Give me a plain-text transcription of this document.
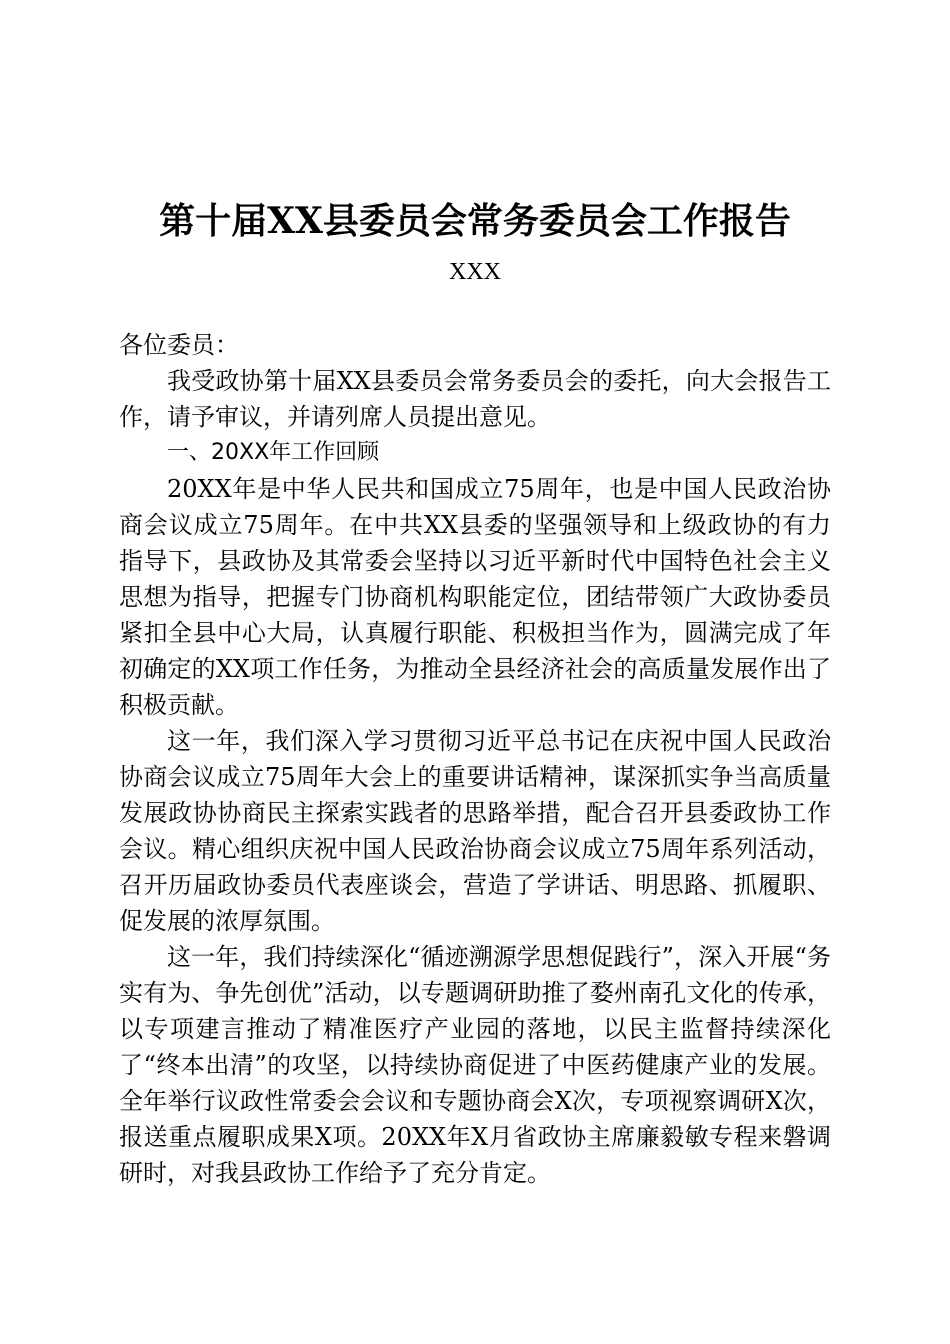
第十届XX县委员会常务委员会工作报告
XXX

各位委员：

我受政协第十届XX县委员会常务委员会的委托，向大会报告工作，请予审议，并请列席人员提出意见。

一、20XX年工作回顾

20XX年是中华人民共和国成立75周年，也是中国人民政治协商会议成立75周年。在中共XX县委的坚强领导和上级政协的有力指导下，县政协及其常委会坚持以习近平新时代中国特色社会主义思想为指导，把握专门协商机构职能定位，团结带领广大政协委员紧扣全县中心大局，认真履行职能、积极担当作为，圆满完成了年初确定的XX项工作任务，为推动全县经济社会的高质量发展作出了积极贡献。

这一年，我们深入学习贯彻习近平总书记在庆祝中国人民政治协商会议成立75周年大会上的重要讲话精神，谋深抓实争当高质量发展政协协商民主探索实践者的思路举措，配合召开县委政协工作会议。精心组织庆祝中国人民政治协商会议成立75周年系列活动，召开历届政协委员代表座谈会，营造了学讲话、明思路、抓履职、促发展的浓厚氛围。

这一年，我们持续深化“循迹溯源学思想促践行”，深入开展“务实有为、争先创优”活动，以专题调研助推了婺州南孔文化的传承，以专项建言推动了精准医疗产业园的落地，以民主监督持续深化了“终本出清”的攻坚，以持续协商促进了中医药健康产业的发展。全年举行议政性常委会会议和专题协商会X次，专项视察调研X次，报送重点履职成果X项。20XX年X月省政协主席廉毅敏专程来磐调研时，对我县政协工作给予了充分肯定。
